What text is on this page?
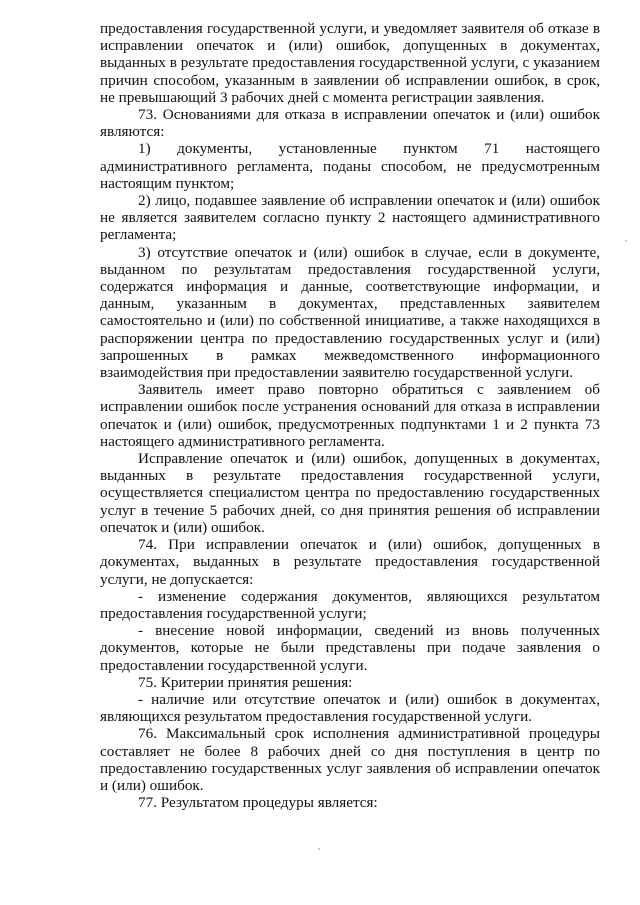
предоставления государственной услуги, и уведомляет заявителя об отказе в исправлении опечаток и (или) ошибок, допущенных в документах, выданных в результате предоставления государственной услуги, с указанием причин способом, указанным в заявлении об исправлении ошибок, в срок, не превышающий 3 рабочих дней с момента регистрации заявления.

73. Основаниями для отказа в исправлении опечаток и (или) ошибок являются:

1) документы, установленные пунктом 71 настоящего административного регламента, поданы способом, не предусмотренным настоящим пунктом;

2) лицо, подавшее заявление об исправлении опечаток и (или) ошибок не является заявителем согласно пункту 2 настоящего административного регламента;

3) отсутствие опечаток и (или) ошибок в случае, если в документе, выданном по результатам предоставления государственной услуги, содержатся информация и данные, соответствующие информации, и данным, указанным в документах, представленных заявителем самостоятельно и (или) по собственной инициативе, а также находящихся в распоряжении центра по предоставлению государственных услуг и (или) запрошенных в рамках межведомственного информационного взаимодействия при предоставлении заявителю государственной услуги.

Заявитель имеет право повторно обратиться с заявлением об исправлении ошибок после устранения оснований для отказа в исправлении опечаток и (или) ошибок, предусмотренных подпунктами 1 и 2 пункта 73 настоящего административного регламента.

Исправление опечаток и (или) ошибок, допущенных в документах, выданных в результате предоставления государственной услуги, осуществляется специалистом центра по предоставлению государственных услуг в течение 5 рабочих дней, со дня принятия решения об исправлении опечаток и (или) ошибок.

74. При исправлении опечаток и (или) ошибок, допущенных в документах, выданных в результате предоставления государственной услуги, не допускается:

- изменение содержания документов, являющихся результатом предоставления государственной услуги;

- внесение новой информации, сведений из вновь полученных документов, которые не были представлены при подаче заявления о предоставлении государственной услуги.

75. Критерии принятия решения:

- наличие или отсутствие опечаток и (или) ошибок в документах, являющихся результатом предоставления государственной услуги.

76. Максимальный срок исполнения административной процедуры составляет не более 8 рабочих дней со дня поступления в центр по предоставлению государственных услуг заявления об исправлении опечаток и (или) ошибок.

77. Результатом процедуры является:
